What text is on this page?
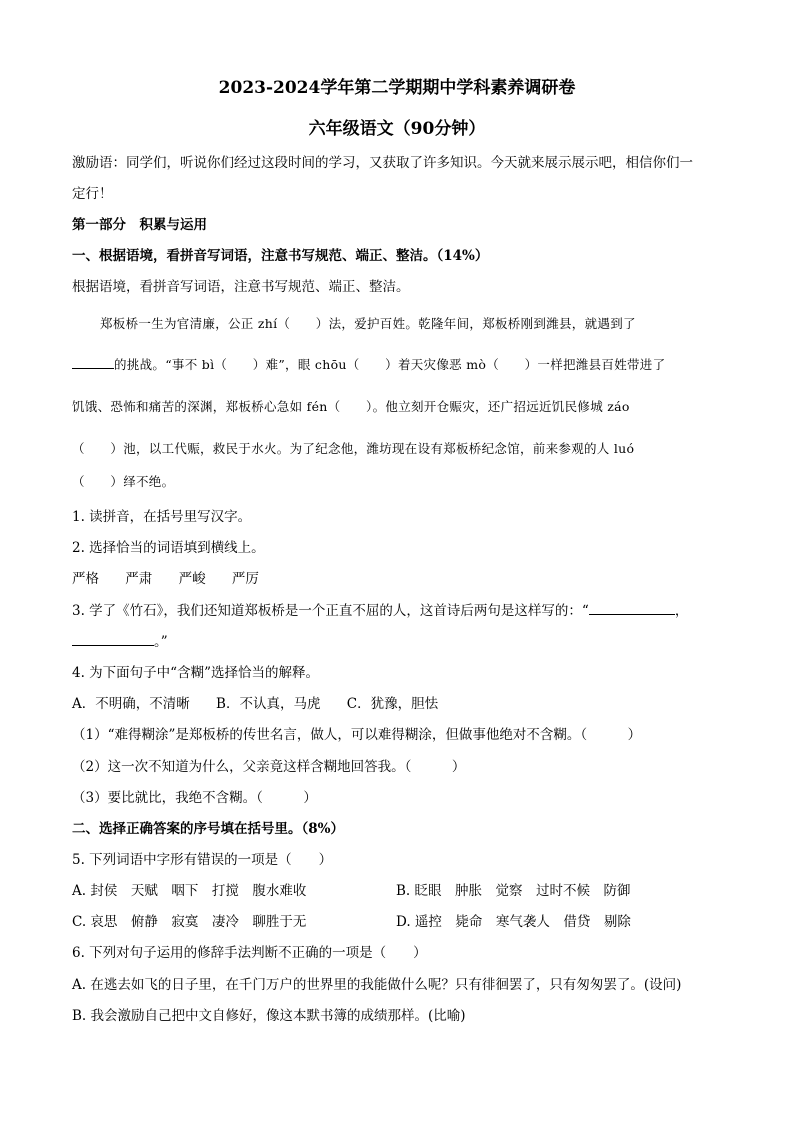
2023-2024学年第二学期期中学科素养调研卷
六年级语文（90分钟）
激励语：同学们，听说你们经过这段时间的学习，又获取了许多知识。今天就来展示展示吧，相信你们一
定行！
第一部分　积累与运用
一、根据语境，看拼音写词语，注意书写规范、端正、整洁。（14%）
根据语境，看拼音写词语，注意书写规范、端正、整洁。
郑板桥一生为官清廉，公正 zhí（　　）法，爱护百姓。乾隆年间，郑板桥刚到潍县，就遇到了
的挑战。“事不 bì（　　）难”，眼 chōu（　　）着天灾像恶 mò（　　）一样把潍县百姓带进了
饥饿、恐怖和痛苦的深渊，郑板桥心急如 fén（　　）。他立刻开仓赈灾，还广招远近饥民修城 záo
（　　）池，以工代赈，救民于水火。为了纪念他，潍坊现在设有郑板桥纪念馆，前来参观的人 luó
（　　）绎不绝。
1. 读拼音，在括号里写汉字。
2. 选择恰当的词语填到横线上。
严格 严肃 严峻 严厉
3. 学了《竹石》，我们还知道郑板桥是一个正直不屈的人，这首诗后两句是这样写的：“	，
。”
4. 为下面句子中“含糊”选择恰当的解释。
A．不明确，不清晰 B．不认真，马虎 C．犹豫，胆怯
（1）“难得糊涂”是郑板桥的传世名言，做人，可以难得糊涂，但做事他绝对不含糊。（　　　）
（2）这一次不知道为什么，父亲竟这样含糊地回答我。（　　　）
（3）要比就比，我绝不含糊。（　　　）
二、选择正确答案的序号填在括号里。（8%）
5. 下列词语中字形有错误的一项是（　　）
A. 封侯　天赋　咽下　打搅　腹水难收	B. 眨眼　肿胀　觉察　过时不候　防御
C. 哀思　俯静　寂寞　凄冷　聊胜于无	D. 遥控　毙命　寒气袭人　借贷　剔除
6. 下列对句子运用的修辞手法判断不正确的一项是（　　）
A. 在逃去如飞的日子里，在千门万户的世界里的我能做什么呢？只有徘徊罢了，只有匆匆罢了。(设问)
B. 我会激励自己把中文自修好，像这本默书簿的成绩那样。(比喻)
